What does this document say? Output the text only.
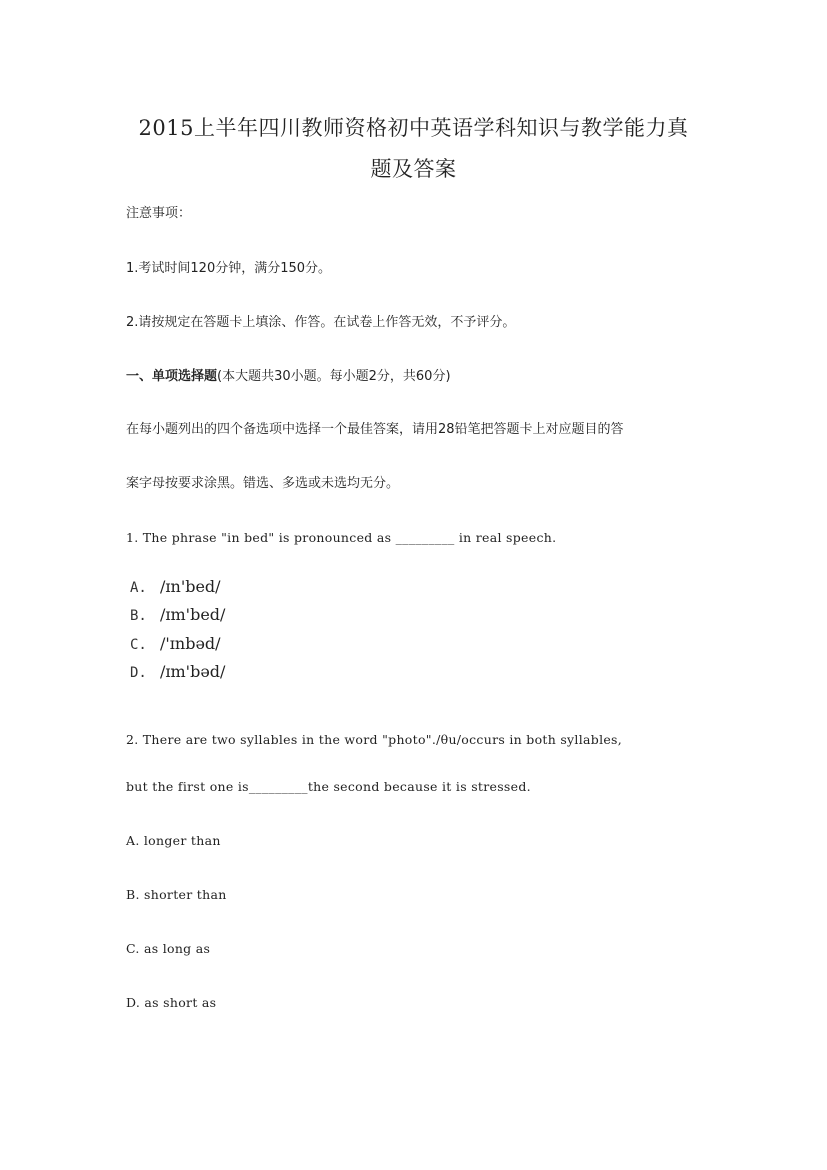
2015上半年四川教师资格初中英语学科知识与教学能力真
题及答案
注意事项：
1.考试时间120分钟，满分150分。
2.请按规定在答题卡上填涂、作答。在试卷上作答无效，不予评分。
一、单项选择题(本大题共30小题。每小题2分，共60分)
在每小题列出的四个备选项中选择一个最佳答案，请用28铅笔把答题卡上对应题目的答
案字母按要求涂黑。错选、多选或未选均无分。
1. The phrase "in bed" is pronounced as _________ in real speech.
A. /ɪn'bed/
B. /ɪm'bed/
C. /'ɪnbəd/
D. /ɪm'bəd/
2. There are two syllables in the word "photo"./θu/occurs in both syllables,
but the first one is_________the second because it is stressed.
A. longer than
B. shorter than
C. as long as
D. as short as
